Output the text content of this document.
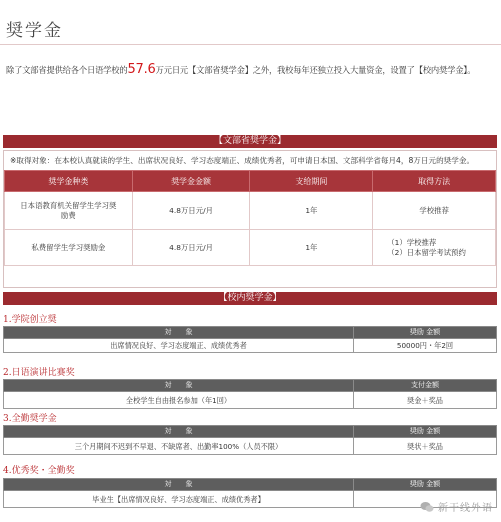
奨学金
除了文部省提供给各个日语学校的57.6万元日元【文部省奨学金】之外，我校每年还独立投入大量资金，设置了【校内奨学金】。
【文部省奨学金】
※取得对象：在本校认真就读的学生、出席状况良好、学习态度端正、成绩优秀者，可申请日本国、文部科学省每月4，8万日元的奨学金。
奨学金种类	奨学金金额	支给期间	取得方法
日本语教育机关留学生学习奨励费	4.8万日元/月	1年	学校推荐
私费留学生学习奨励金	4.8万日元/月	1年	（1）学校推荐
（2）日本留学考试预约
【校内奨学金】
1.学院创立奨
対　　象	奨励 金额
出席情况良好、学习态度端正、成绩优秀者	50000円・年2回
2.日语演讲比赛奖
対　　象	支付金额
全校学生自由报名参加（年1回）	奨金＋奖品
3.全勤奨学金
対　　象	奨励 金额
三个月期间不迟到不早退、不缺席者、出勤率100%（人员不限）	奨状＋奖品
4.优秀奖・全勤奖
対　　象	奨励 金额
毕业生【出席情况良好、学习态度端正、成绩优秀者】	
新干线外语
